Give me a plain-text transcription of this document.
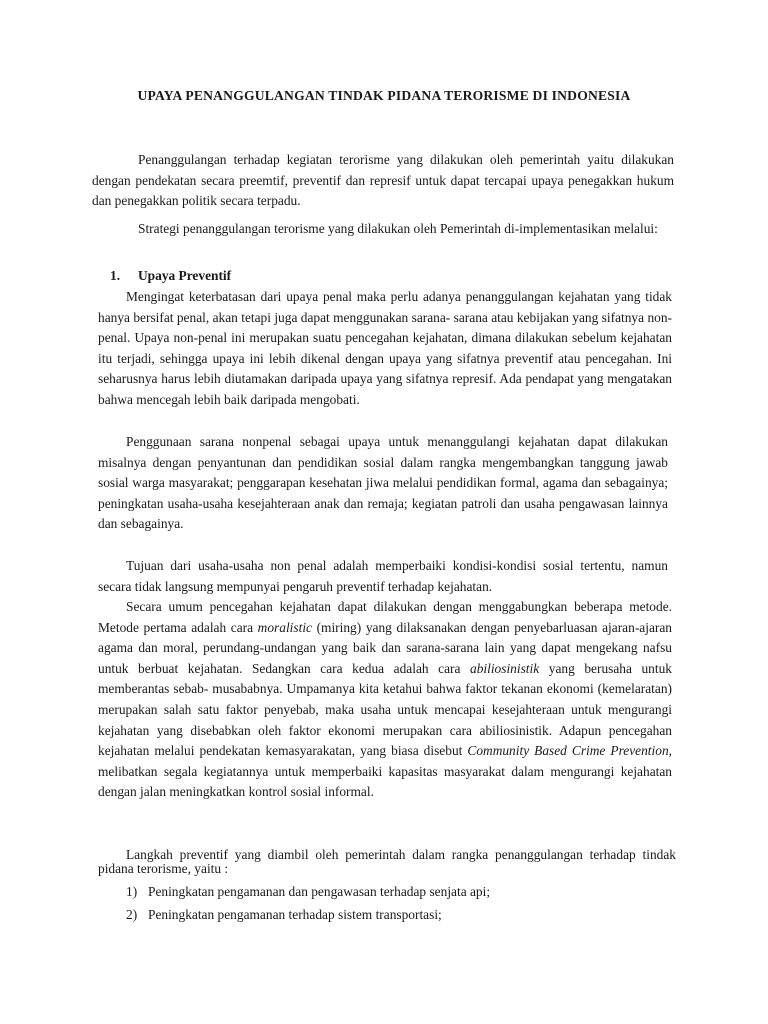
UPAYA PENANGGULANGAN TINDAK PIDANA TERORISME DI INDONESIA

Penanggulangan terhadap kegiatan terorisme yang dilakukan oleh pemerintah yaitu dilakukan dengan pendekatan secara preemtif, preventif dan represif untuk dapat tercapai upaya penegakkan hukum dan penegakkan politik secara terpadu.

Strategi penanggulangan terorisme yang dilakukan oleh Pemerintah di-implementasikan melalui:

1. Upaya Preventif

Mengingat keterbatasan dari upaya penal maka perlu adanya penanggulangan kejahatan yang tidak hanya bersifat penal, akan tetapi juga dapat menggunakan sarana- sarana atau kebijakan yang sifatnya non- penal. Upaya non-penal ini merupakan suatu pencegahan kejahatan, dimana dilakukan sebelum kejahatan itu terjadi, sehingga upaya ini lebih dikenal dengan upaya yang sifatnya preventif atau pencegahan. Ini seharusnya harus lebih diutamakan daripada upaya yang sifatnya represif. Ada pendapat yang mengatakan bahwa mencegah lebih baik daripada mengobati.

Penggunaan sarana nonpenal sebagai upaya untuk menanggulangi kejahatan dapat dilakukan misalnya dengan penyantunan dan pendidikan sosial dalam rangka mengembangkan tanggung jawab sosial warga masyarakat; penggarapan kesehatan jiwa melalui pendidikan formal, agama dan sebagainya; peningkatan usaha-usaha kesejahteraan anak dan remaja; kegiatan patroli dan usaha pengawasan lainnya dan sebagainya.

Tujuan dari usaha-usaha non penal adalah memperbaiki kondisi-kondisi sosial tertentu, namun secara tidak langsung mempunyai pengaruh preventif terhadap kejahatan.

Secara umum pencegahan kejahatan dapat dilakukan dengan menggabungkan beberapa metode. Metode pertama adalah cara moralistic (miring) yang dilaksanakan dengan penyebarluasan ajaran-ajaran agama dan moral, perundang-undangan yang baik dan sarana-sarana lain yang dapat mengekang nafsu untuk berbuat kejahatan. Sedangkan cara kedua adalah cara abiliosinistik yang berusaha untuk memberantas sebab- musababnya. Umpamanya kita ketahui bahwa faktor tekanan ekonomi (kemelaratan) merupakan salah satu faktor penyebab, maka usaha untuk mencapai kesejahteraan untuk mengurangi kejahatan yang disebabkan oleh faktor ekonomi merupakan cara abiliosinistik. Adapun pencegahan kejahatan melalui pendekatan kemasyarakatan, yang biasa disebut Community Based Crime Prevention, melibatkan segala kegiatannya untuk memperbaiki kapasitas masyarakat dalam mengurangi kejahatan dengan jalan meningkatkan kontrol sosial informal.

Langkah preventif yang diambil oleh pemerintah dalam rangka penanggulangan terhadap tindak pidana terorisme, yaitu :

1) Peningkatan pengamanan dan pengawasan terhadap senjata api;
2) Peningkatan pengamanan terhadap sistem transportasi;
